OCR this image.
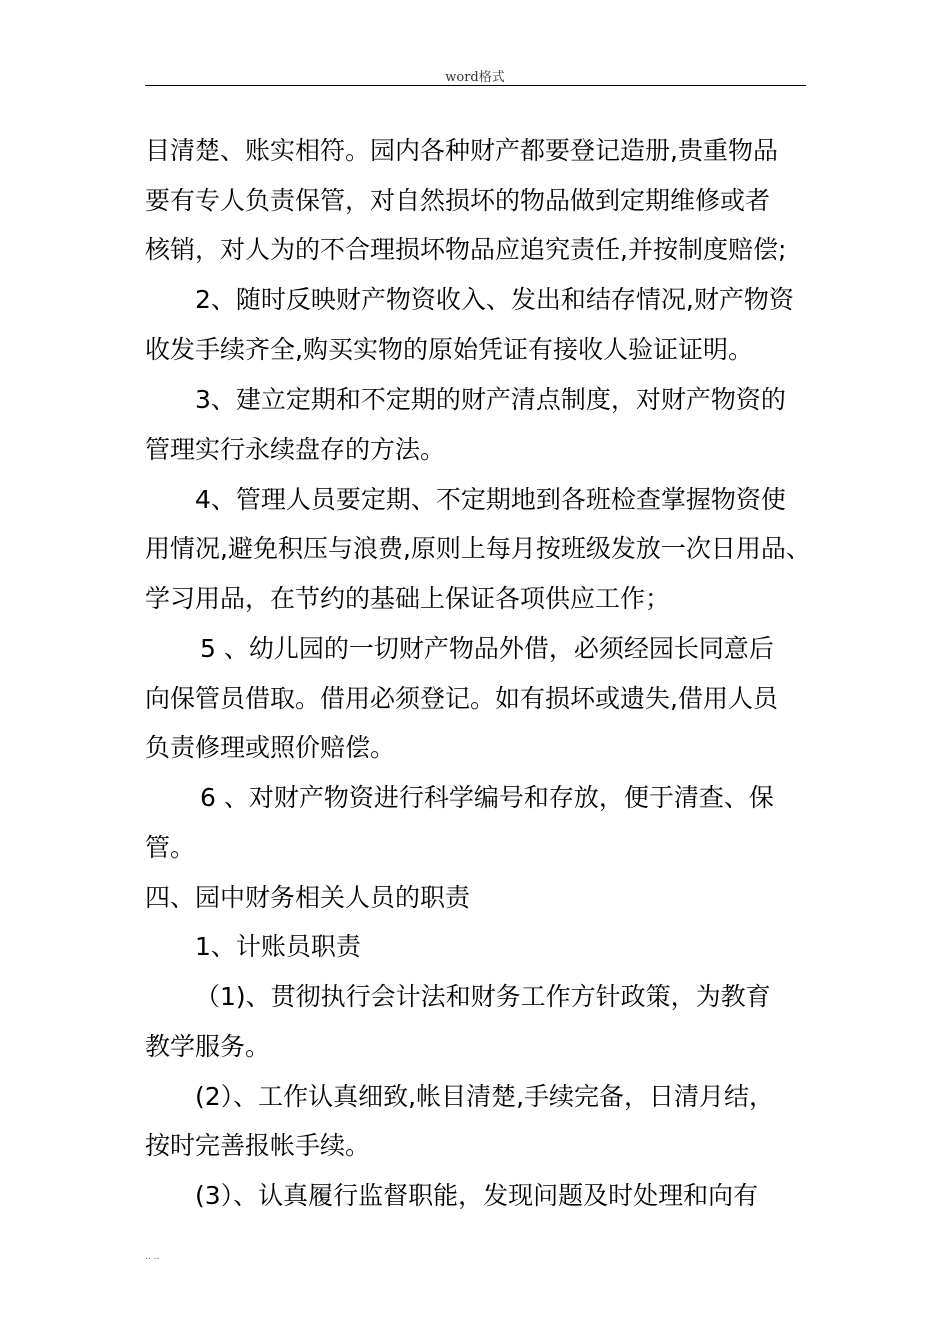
word格式
目清楚、账实相符。园内各种财产都要登记造册,贵重物品
要有专人负责保管，对自然损坏的物品做到定期维修或者
核销，对人为的不合理损坏物品应追究责任,并按制度赔偿;
2、随时反映财产物资收入、发出和结存情况,财产物资
收发手续齐全,购买实物的原始凭证有接收人验证证明。
3、建立定期和不定期的财产清点制度，对财产物资的
管理实行永续盘存的方法。
4、管理人员要定期、不定期地到各班检查掌握物资使
用情况,避免积压与浪费,原则上每月按班级发放一次日用品、
学习用品，在节约的基础上保证各项供应工作；
5 、幼儿园的一切财产物品外借，必须经园长同意后
向保管员借取。借用必须登记。如有损坏或遗失,借用人员
负责修理或照价赔偿。
6 、对财产物资进行科学编号和存放，便于清查、保
管。
四、园中财务相关人员的职责
1、计账员职责
（1)、贯彻执行会计法和财务工作方针政策，为教育
教学服务。
(2）、工作认真细致,帐目清楚,手续完备，日清月结，
按时完善报帐手续。
(3）、认真履行监督职能，发现问题及时处理和向有
.. ..
